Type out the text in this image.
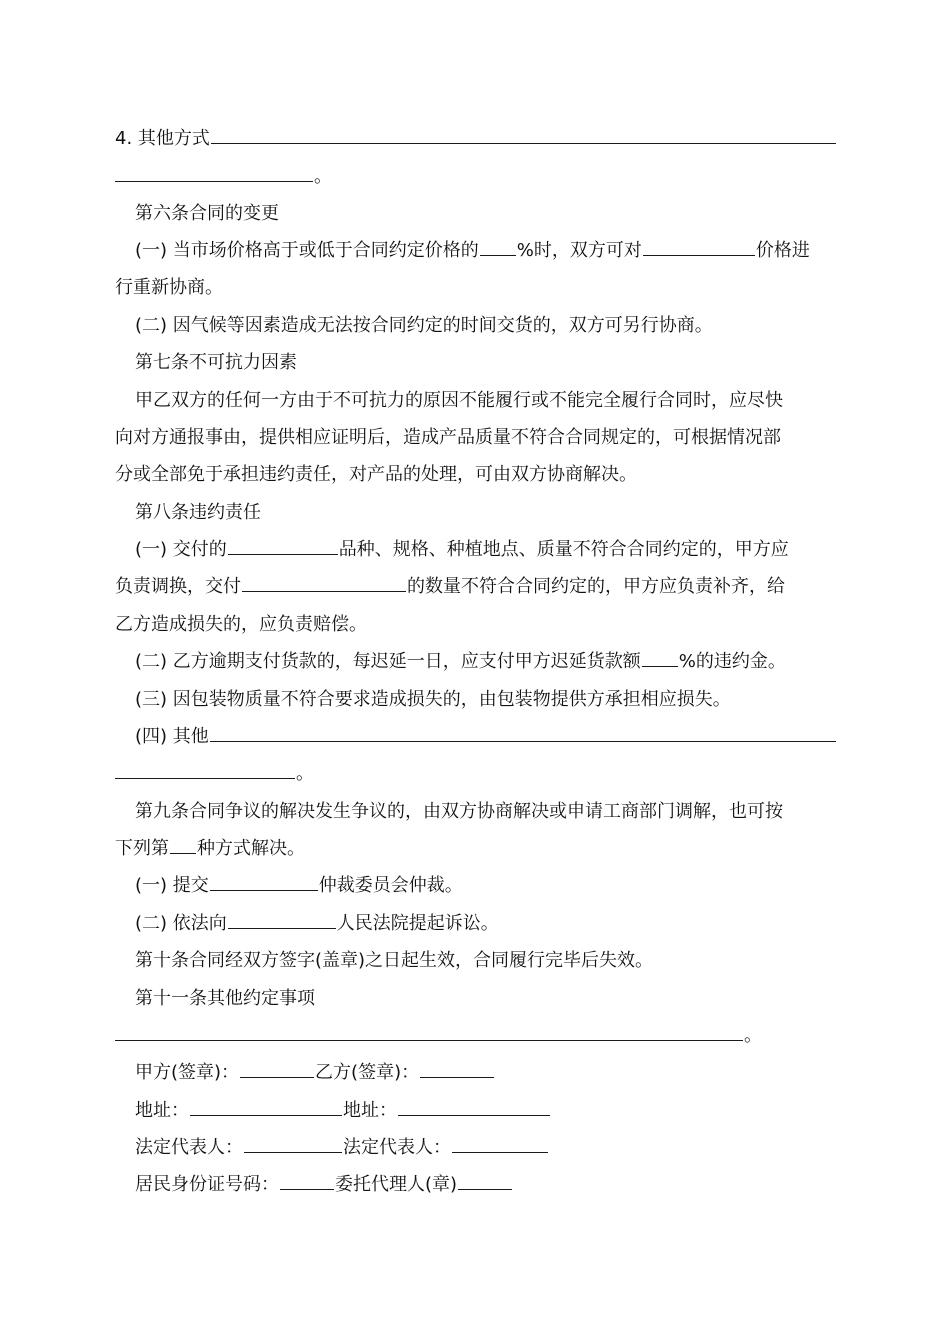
4. 其他方式
。
第六条合同的变更
(一) 当市场价格高于或低于合同约定价格的 %时，双方可对	价格进
行重新协商。
(二) 因气候等因素造成无法按合同约定的时间交货的，双方可另行协商。
第七条不可抗力因素
甲乙双方的任何一方由于不可抗力的原因不能履行或不能完全履行合同时，应尽快
向对方通报事由，提供相应证明后，造成产品质量不符合合同规定的，可根据情况部
分或全部免于承担违约责任，对产品的处理，可由双方协商解决。
第八条违约责任
(一) 交付的	品种、规格、种植地点、质量不符合合同约定的，甲方应
负责调换，交付	的数量不符合合同约定的，甲方应负责补齐，给
乙方造成损失的，应负责赔偿。
(二) 乙方逾期支付货款的，每迟延一日，应支付甲方迟延货款额 %的违约金。
(三) 因包装物质量不符合要求造成损失的，由包装物提供方承担相应损失。
(四) 其他
。
第九条合同争议的解决发生争议的，由双方协商解决或申请工商部门调解，也可按
下列第 种方式解决。
(一) 提交	仲裁委员会仲裁。
(二) 依法向	人民法院提起诉讼。
第十条合同经双方签字(盖章)之日起生效，合同履行完毕后失效。
第十一条其他约定事项
。
甲方(签章)：	乙方(签章)：
地址：	地址：
法定代表人：	法定代表人：
居民身份证号码：	委托代理人(章)
